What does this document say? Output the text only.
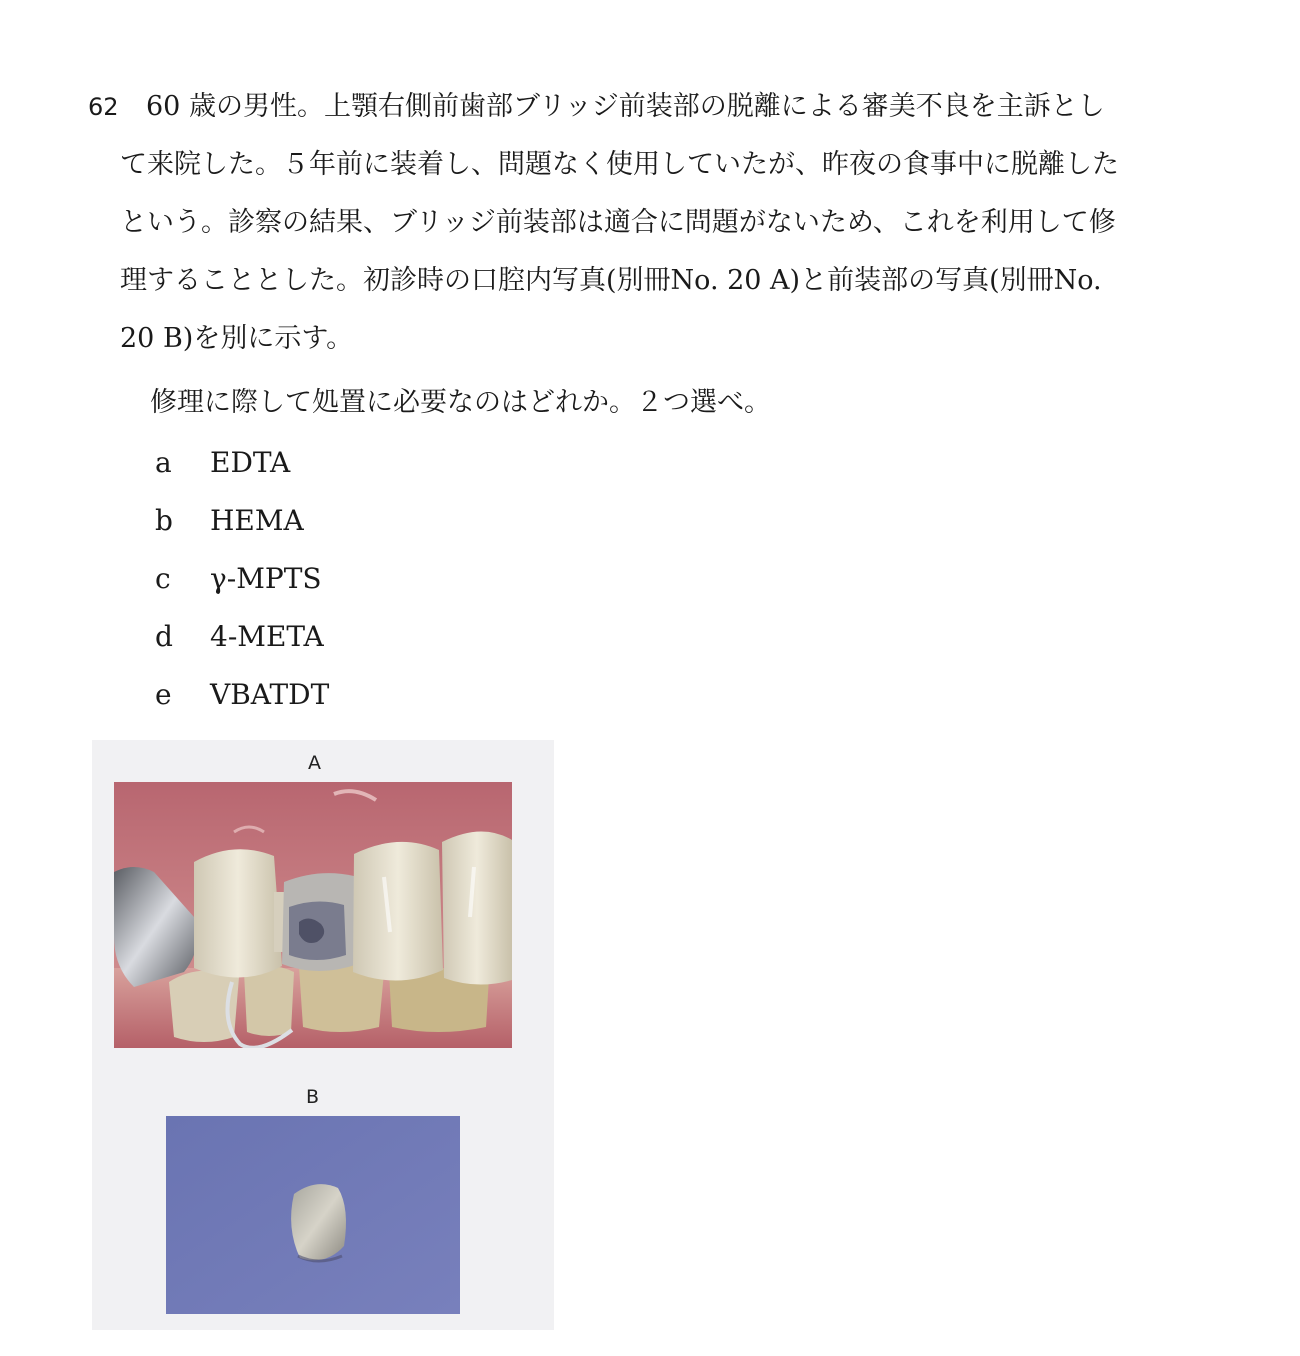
62 60 歳の男性。上顎右側前歯部ブリッジ前装部の脱離による審美不良を主訴とし
て来院した。５年前に装着し、問題なく使用していたが、昨夜の食事中に脱離した
という。診察の結果、ブリッジ前装部は適合に問題がないため、これを利用して修
理することとした。初診時の口腔内写真(別冊No. 20 A)と前装部の写真(別冊No.
20 B)を別に示す。
修理に際して処置に必要なのはどれか。２つ選べ。
a EDTA
b HEMA
c γ-MPTS
d 4-META
e VBATDT
A
B
